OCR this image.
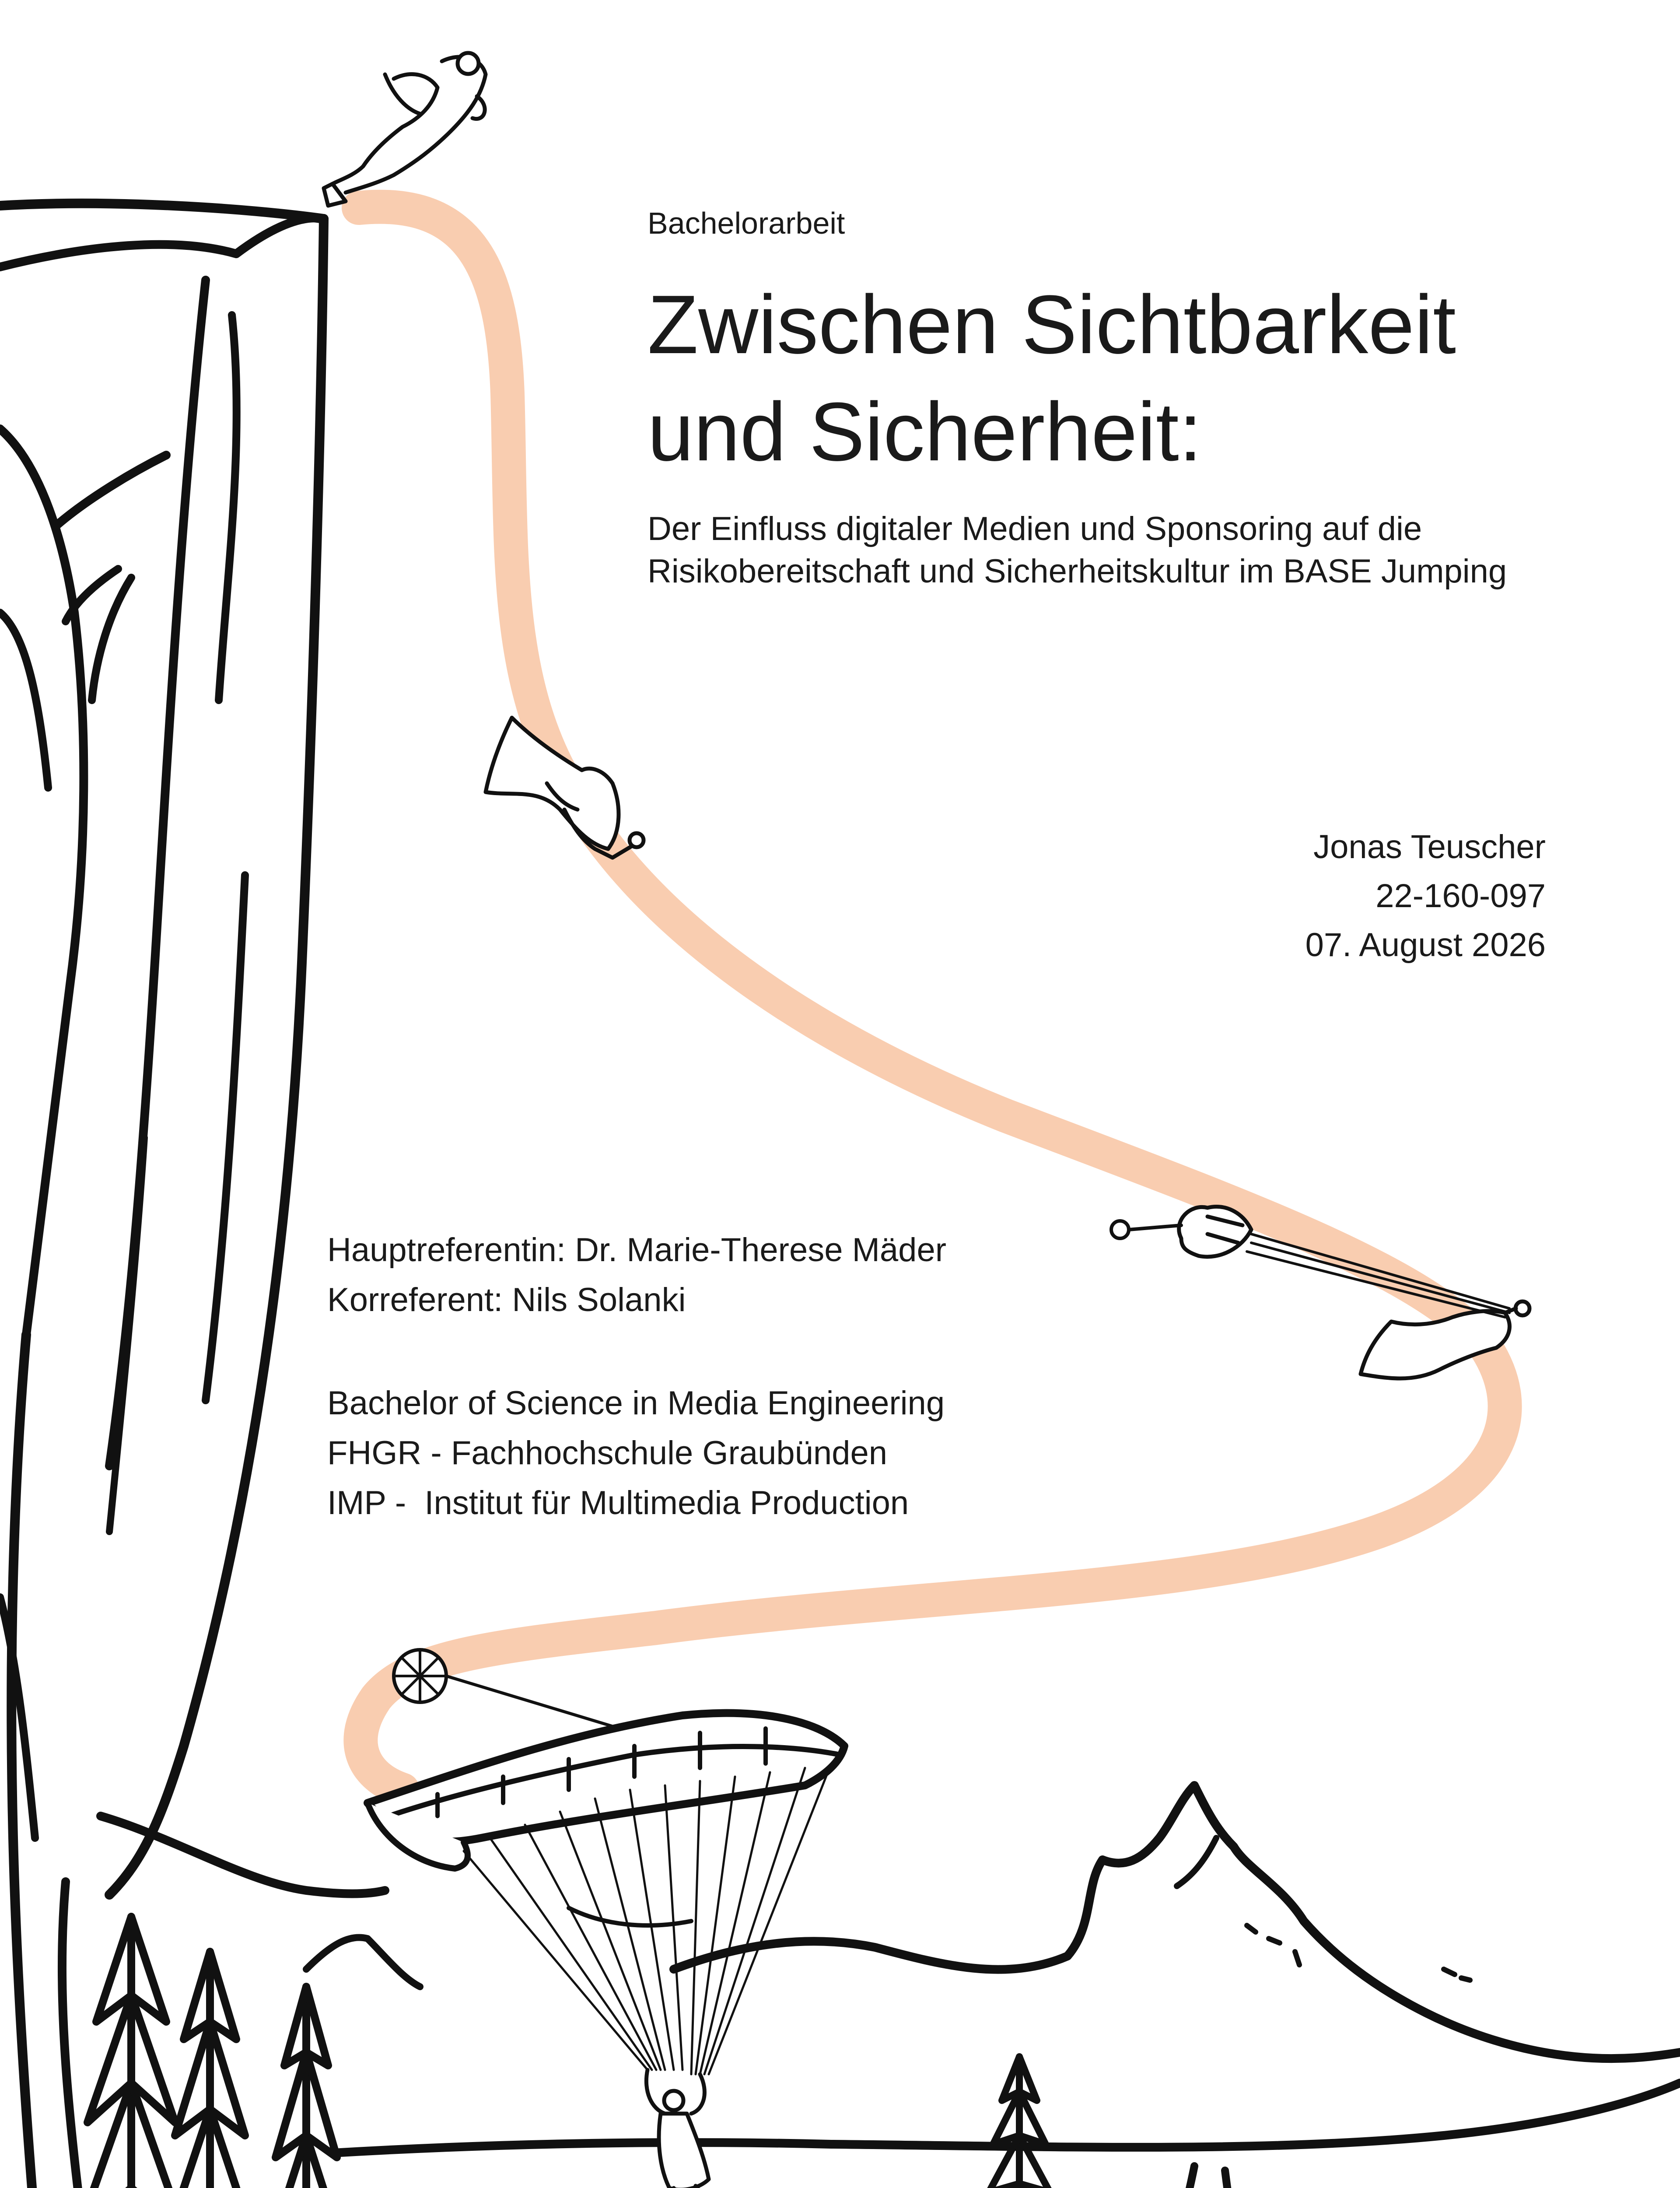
Bachelorarbeit

Zwischen Sichtbarkeit
und Sicherheit:
Der Einfluss digitaler Medien und Sponsoring auf die
Risikobereitschaft und Sicherheitskultur im BASE Jumping
Jonas Teuscher
22-160-097
07. August 2026
Hauptreferentin: Dr. Marie-Therese Mäder
Korreferent: Nils Solanki
Bachelor of Science in Media Engineering
FHGR - Fachhochschule Graubünden
IMP -  Institut für Multimedia Production
